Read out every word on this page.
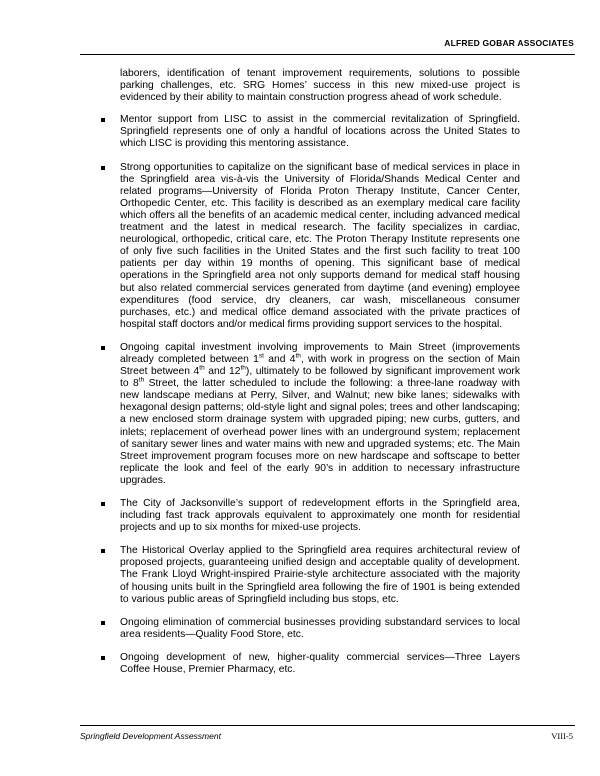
ALFRED GOBAR ASSOCIATES

laborers, identification of tenant improvement requirements, solutions to possible parking challenges, etc. SRG Homes’ success in this new mixed-use project is evidenced by their ability to maintain construction progress ahead of work schedule.

Mentor support from LISC to assist in the commercial revitalization of Springfield. Springfield represents one of only a handful of locations across the United States to which LISC is providing this mentoring assistance.
Strong opportunities to capitalize on the significant base of medical services in place in the Springfield area vis-à-vis the University of Florida/Shands Medical Center and related programs—University of Florida Proton Therapy Institute, Cancer Center, Orthopedic Center, etc. This facility is described as an exemplary medical care facility which offers all the benefits of an academic medical center, including advanced medical treatment and the latest in medical research. The facility specializes in cardiac, neurological, orthopedic, critical care, etc. The Proton Therapy Institute represents one of only five such facilities in the United States and the first such facility to treat 100 patients per day within 19 months of opening. This significant base of medical operations in the Springfield area not only supports demand for medical staff housing but also related commercial services generated from daytime (and evening) employee expenditures (food service, dry cleaners, car wash, miscellaneous consumer purchases, etc.) and medical office demand associated with the private practices of hospital staff doctors and/or medical firms providing support services to the hospital.
Ongoing capital investment involving improvements to Main Street (improvements already completed between 1st and 4th, with work in progress on the section of Main Street between 4th and 12th), ultimately to be followed by significant improvement work to 8th Street, the latter scheduled to include the following: a three-lane roadway with new landscape medians at Perry, Silver, and Walnut; new bike lanes; sidewalks with hexagonal design patterns; old-style light and signal poles; trees and other landscaping; a new enclosed storm drainage system with upgraded piping; new curbs, gutters, and inlets; replacement of overhead power lines with an underground system; replacement of sanitary sewer lines and water mains with new and upgraded systems; etc. The Main Street improvement program focuses more on new hardscape and softscape to better replicate the look and feel of the early 90’s in addition to necessary infrastructure upgrades.
The City of Jacksonville’s support of redevelopment efforts in the Springfield area, including fast track approvals equivalent to approximately one month for residential projects and up to six months for mixed-use projects.
The Historical Overlay applied to the Springfield area requires architectural review of proposed projects, guaranteeing unified design and acceptable quality of development. The Frank Lloyd Wright-inspired Prairie-style architecture associated with the majority of housing units built in the Springfield area following the fire of 1901 is being extended to various public areas of Springfield including bus stops, etc.
Ongoing elimination of commercial businesses providing substandard services to local area residents—Quality Food Store, etc.
Ongoing development of new, higher-quality commercial services—Three Layers Coffee House, Premier Pharmacy, etc.
Springfield Development Assessment	VIII-5
